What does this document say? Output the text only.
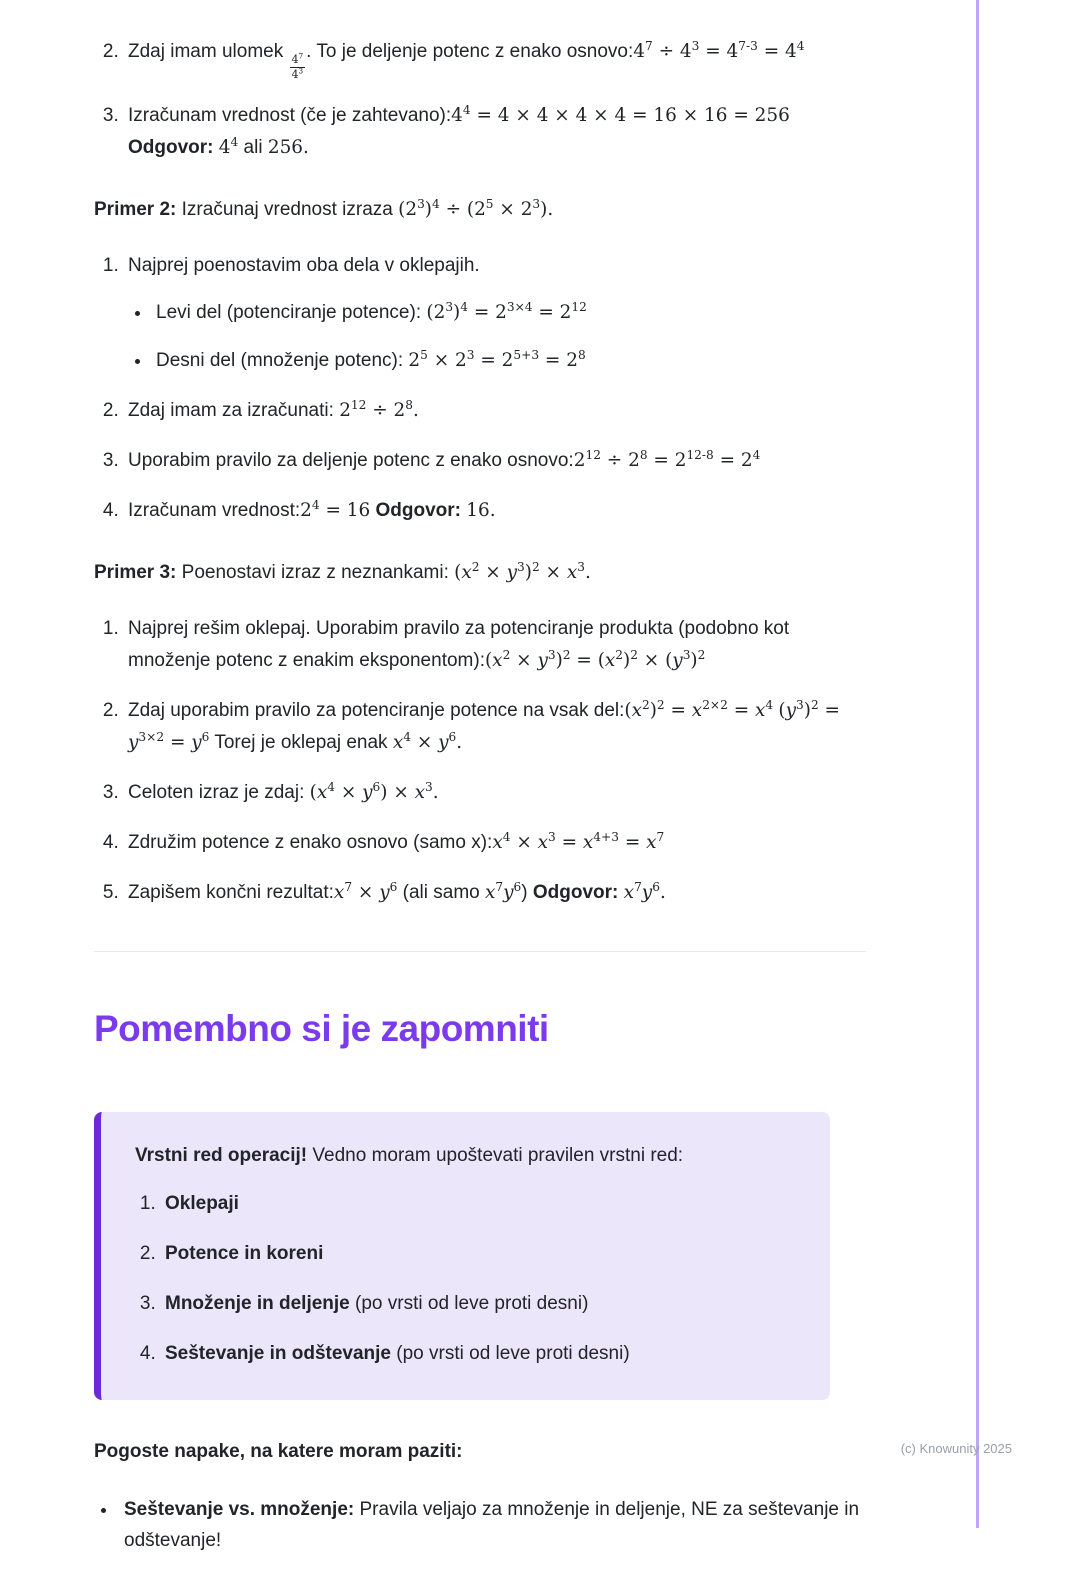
2. Zdaj imam ulomek
$\frac{4^7}{4^3}$
. To je deljenje potenc z enako $osnovo:4^7 \div 4^3 = 4^{7-3} = 4^4$
3. Izračunam vrednost (če je $zahtevano):4^4 = 4 \times 4 \times 4 \times 4 = 16 \times 16 = 256$
Odgovor: $4^4$ ali 256.

Primer 2: Izračunaj vrednost izraza $(2^3)^4 \div (2^5 \times 2^3)$.

1. Najprej poenostavim oba dela v oklepajih.
• Levi del (potenciranje potence): $(2^3)^4 = 2^{3\times 4} = 2^{12}$
• Desni del (množenje potenc): $2^5 \times 2^3 = 2^{5+3} = 2^8$
2. Zdaj imam za izračunati: $2^{12} \div 2^8$.
3. Uporabim pravilo za deljenje potenc z enako $osnovo:2^{12} \div 2^8 = 2^{12-8} = 2^4$
4. Izračunam $vrednost:2^4 = 16$ Odgovor: 16.

Primer 3: Poenostavi izraz z neznankami: $(x^2 \times y^3)^2 \times x^3$.

1. Najprej rešim oklepaj. Uporabim pravilo za potenciranje produkta (podobno kot množenje potenc z enakim $eksponentom):(x^2 \times y^3)^2 = (x^2)^2 \times (y^3)^2$
2. Zdaj uporabim pravilo za potenciranje potence na vsak $del:(x^2)^2 = x^{2\times 2} = x^4$ $(y^3)^2 = y^{3\times 2} = y^6$ Torej je oklepaj enak $x^4 \times y^6$.
3. Celoten izraz je zdaj: $(x^4 \times y^6) \times x^3$.
4. Združim potence z enako osnovo (samo $x):x^4 \times x^3 = x^{4+3} = x^7$
5. Zapišem končni $rezultat:x^7 \times y^6$ (ali samo $x^7y^6$) Odgovor: $x^7y^6$.
Pomembno si je zapomniti
Vrstni red operacij! Vedno moram upoštevati pravilen vrstni red:
1. Oklepaji
2. Potence in koreni
3. Množenje in deljenje (po vrsti od leve proti desni)
4. Seštevanje in odštevanje (po vrsti od leve proti desni)

Pogoste napake, na katere moram paziti:

• Seštevanje vs. množenje: Pravila veljajo za množenje in deljenje, NE za seštevanje in odštevanje!
(c) Knowunity 2025
